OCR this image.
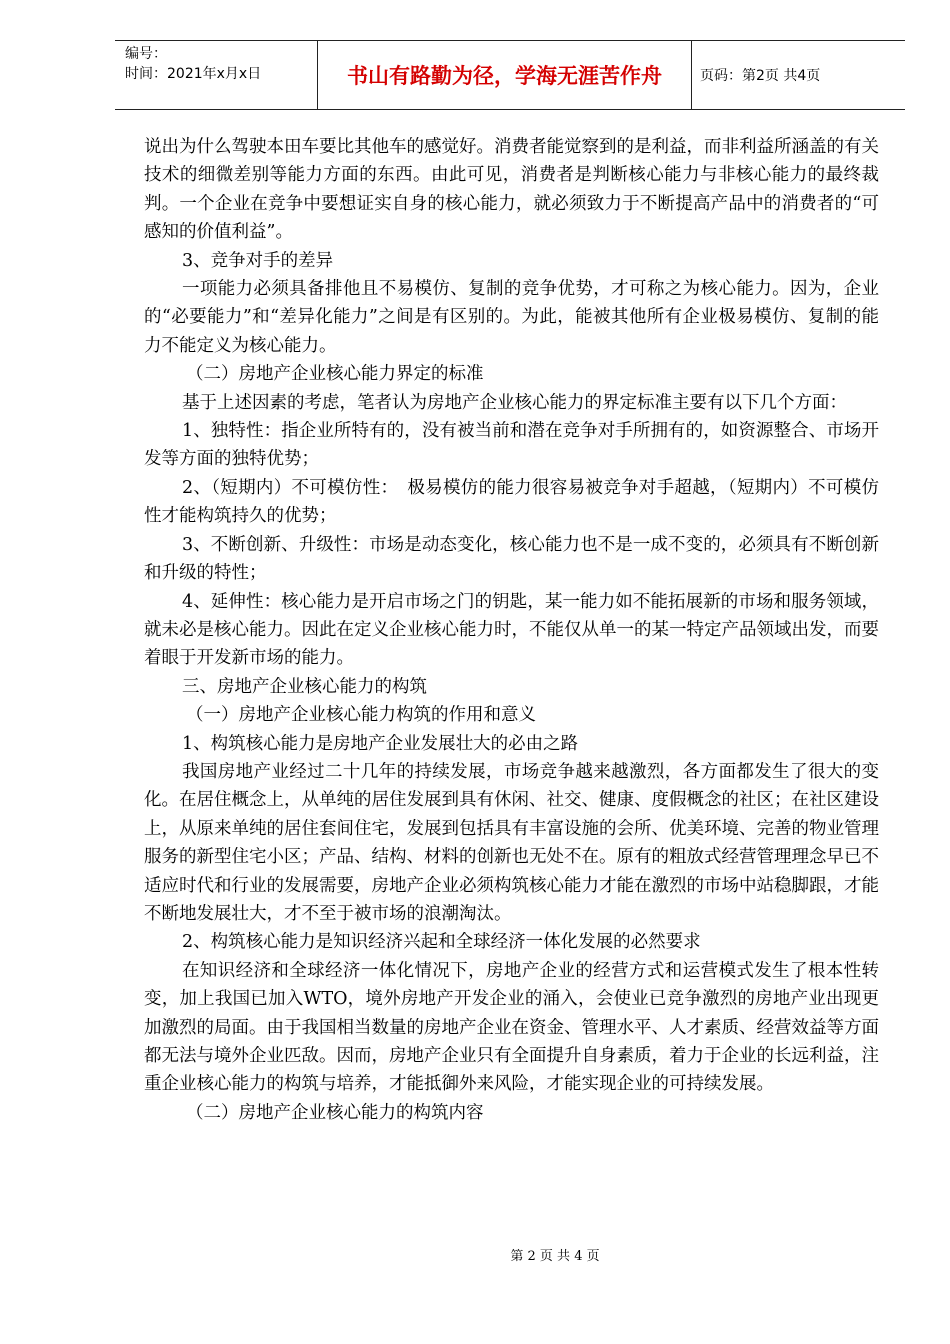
编号：
时间：2021年x月x日	书山有路勤为径，学海无涯苦作舟	页码：第2页 共4页

说出为什么驾驶本田车要比其他车的感觉好。消费者能觉察到的是利益，而非利益所涵盖的有关技术的细微差别等能力方面的东西。由此可见，消费者是判断核心能力与非核心能力的最终裁判。一个企业在竞争中要想证实自身的核心能力，就必须致力于不断提高产品中的消费者的“可感知的价值利益”。

3、竞争对手的差异

一项能力必须具备排他且不易模仿、复制的竞争优势，才可称之为核心能力。因为，企业的“必要能力”和“差异化能力”之间是有区别的。为此，能被其他所有企业极易模仿、复制的能力不能定义为核心能力。

（二）房地产企业核心能力界定的标准

基于上述因素的考虑，笔者认为房地产企业核心能力的界定标准主要有以下几个方面：

1、独特性：指企业所特有的，没有被当前和潜在竞争对手所拥有的，如资源整合、市场开发等方面的独特优势；

2、（短期内）不可模仿性：　极易模仿的能力很容易被竞争对手超越，（短期内）不可模仿性才能构筑持久的优势；

3、不断创新、升级性：市场是动态变化，核心能力也不是一成不变的，必须具有不断创新和升级的特性；

4、延伸性：核心能力是开启市场之门的钥匙，某一能力如不能拓展新的市场和服务领域，就未必是核心能力。因此在定义企业核心能力时，不能仅从单一的某一特定产品领域出发，而要着眼于开发新市场的能力。

三、房地产企业核心能力的构筑

（一）房地产企业核心能力构筑的作用和意义

1、构筑核心能力是房地产企业发展壮大的必由之路

我国房地产业经过二十几年的持续发展，市场竞争越来越激烈，各方面都发生了很大的变化。在居住概念上，从单纯的居住发展到具有休闲、社交、健康、度假概念的社区；在社区建设上，从原来单纯的居住套间住宅，发展到包括具有丰富设施的会所、优美环境、完善的物业管理服务的新型住宅小区；产品、结构、材料的创新也无处不在。原有的粗放式经营管理理念早已不适应时代和行业的发展需要，房地产企业必须构筑核心能力才能在激烈的市场中站稳脚跟，才能不断地发展壮大，才不至于被市场的浪潮淘汰。

2、构筑核心能力是知识经济兴起和全球经济一体化发展的必然要求

在知识经济和全球经济一体化情况下，房地产企业的经营方式和运营模式发生了根本性转变，加上我国已加入WTO，境外房地产开发企业的涌入，会使业已竞争激烈的房地产业出现更加激烈的局面。由于我国相当数量的房地产企业在资金、管理水平、人才素质、经营效益等方面都无法与境外企业匹敌。因而，房地产企业只有全面提升自身素质，着力于企业的长远利益，注重企业核心能力的构筑与培养，才能抵御外来风险，才能实现企业的可持续发展。

（二）房地产企业核心能力的构筑内容

第 2 页 共 4 页
